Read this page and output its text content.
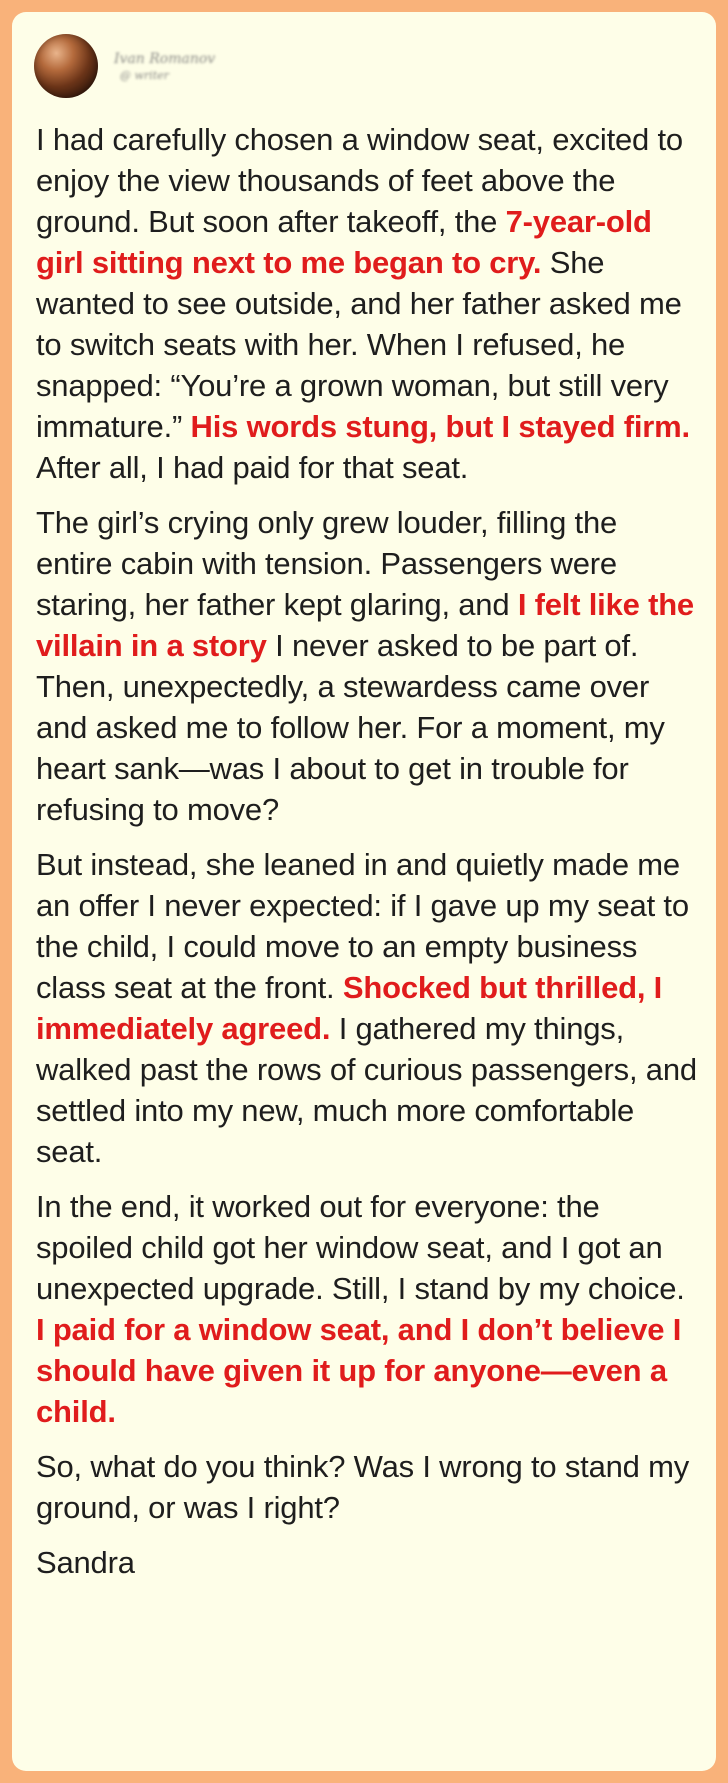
Ivan Romanov
@ writer

I had carefully chosen a window seat, excited to enjoy the view thousands of feet above the ground. But soon after takeoff, the 7-year-old girl sitting next to me began to cry. She wanted to see outside, and her father asked me to switch seats with her. When I refused, he snapped: “You’re a grown woman, but still very immature.” His words stung, but I stayed firm. After all, I had paid for that seat.

The girl’s crying only grew louder, filling the entire cabin with tension. Passengers were staring, her father kept glaring, and I felt like the villain in a story I never asked to be part of. Then, unexpectedly, a stewardess came over and asked me to follow her. For a moment, my heart sank—was I about to get in trouble for refusing to move?

But instead, she leaned in and quietly made me an offer I never expected: if I gave up my seat to the child, I could move to an empty business class seat at the front. Shocked but thrilled, I immediately agreed. I gathered my things, walked past the rows of curious passengers, and settled into my new, much more comfortable seat.

In the end, it worked out for everyone: the spoiled child got her window seat, and I got an unexpected upgrade. Still, I stand by my choice. I paid for a window seat, and I don’t believe I should have given it up for anyone—even a child.

So, what do you think? Was I wrong to stand my ground, or was I right?

Sandra
